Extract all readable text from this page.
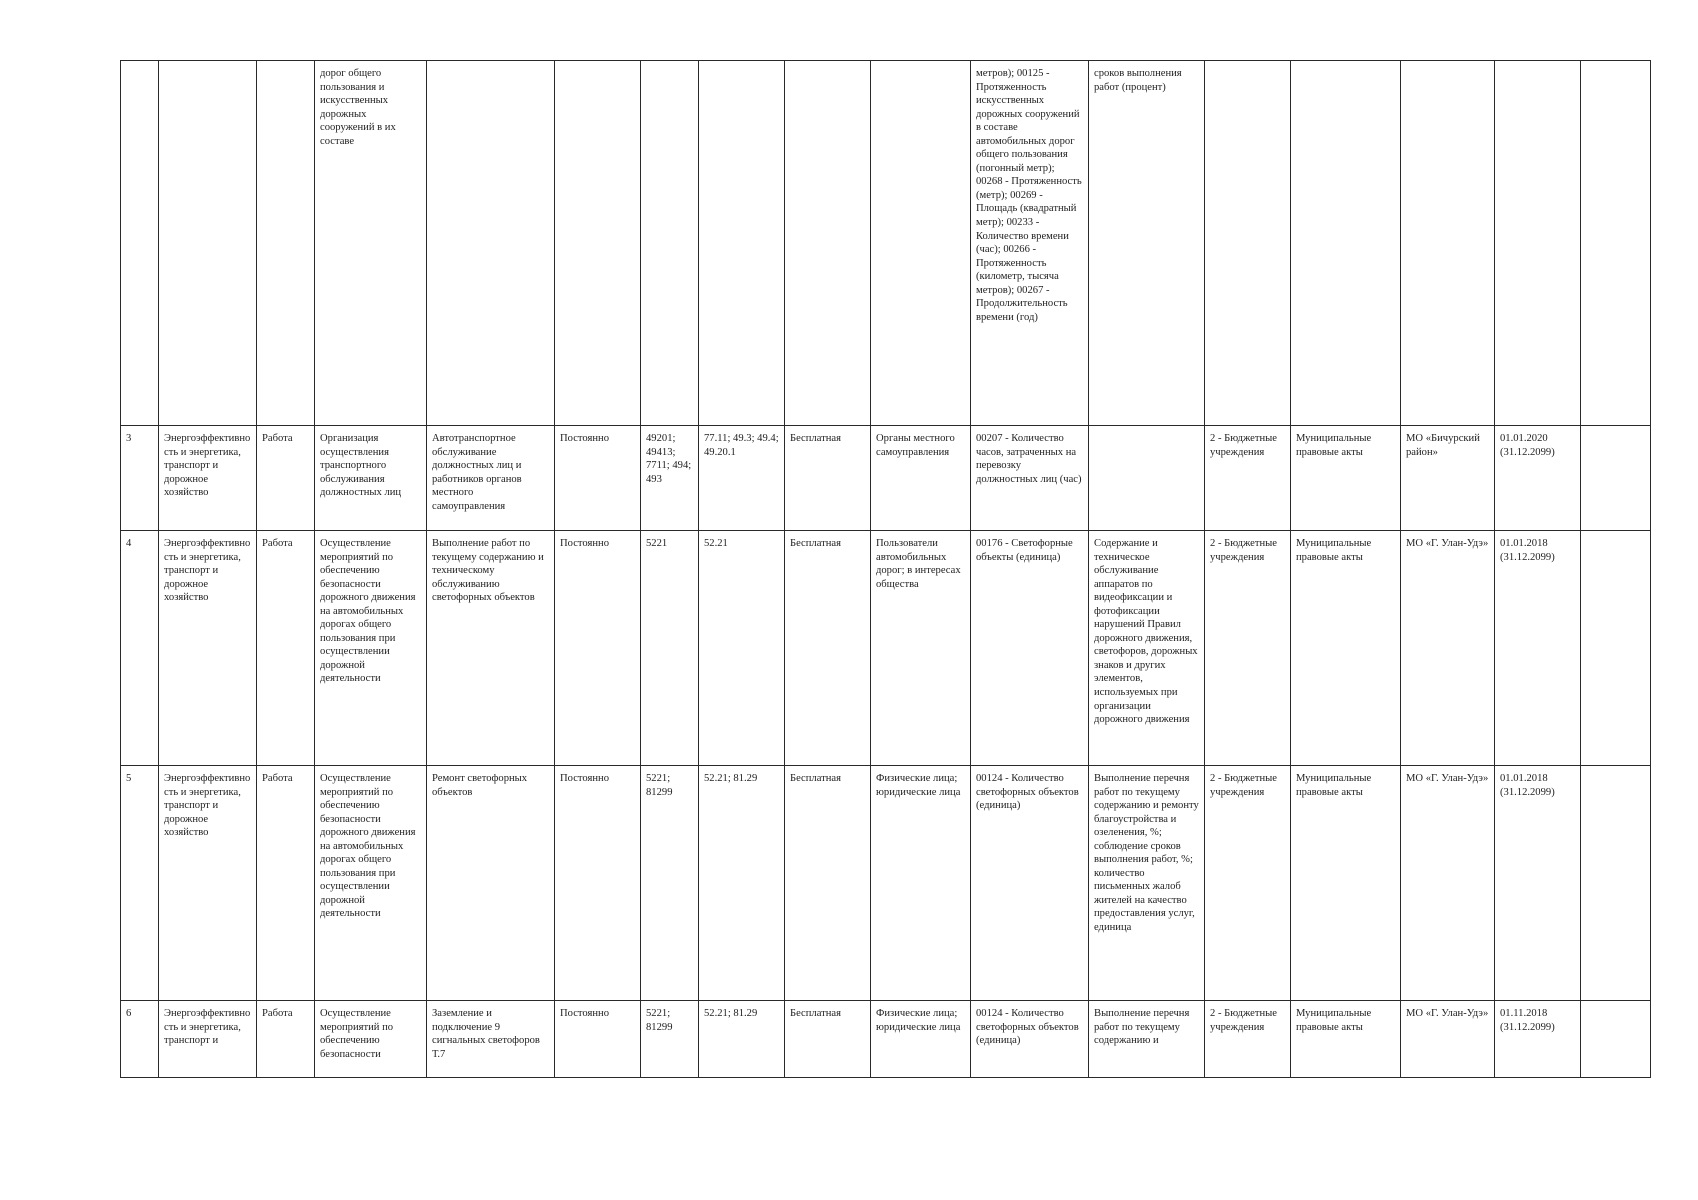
			дорог общего пользования и искусственных дорожных сооружений в их составе							метров); 00125 - Протяженность искусственных дорожных сооружений в составе автомобильных дорог общего пользования (погонный метр); 00268 - Протяженность (метр); 00269 - Площадь (квадратный метр); 00233 - Количество времени (час); 00266 - Протяженность (километр, тысяча метров); 00267 - Продолжительность времени (год)	сроков выполнения работ (процент)					
3	Энергоэффективность и энергетика, транспорт и дорожное хозяйство	Работа	Организация осуществления транспортного обслуживания должностных лиц	Автотранспортное обслуживание должностных лиц и работников органов местного самоуправления	Постоянно	49201; 49413; 7711; 494; 493	77.11; 49.3; 49.4; 49.20.1	Бесплатная	Органы местного самоуправления	00207 - Количество часов, затраченных на перевозку должностных лиц (час)		2 - Бюджетные учреждения	Муниципальные правовые акты	МО «Бичурский район»	01.01.2020 (31.12.2099)	
4	Энергоэффективность и энергетика, транспорт и дорожное хозяйство	Работа	Осуществление мероприятий по обеспечению безопасности дорожного движения на автомобильных дорогах общего пользования при осуществлении дорожной деятельности	Выполнение работ по текущему содержанию и техническому обслуживанию светофорных объектов	Постоянно	5221	52.21	Бесплатная	Пользователи автомобильных дорог; в интересах общества	00176 - Светофорные объекты (единица)	Содержание и техническое обслуживание аппаратов по видеофиксации и фотофиксации нарушений Правил дорожного движения, светофоров, дорожных знаков и других элементов, используемых при организации дорожного движения	2 - Бюджетные учреждения	Муниципальные правовые акты	МО «Г. Улан-Удэ»	01.01.2018 (31.12.2099)	
5	Энергоэффективность и энергетика, транспорт и дорожное хозяйство	Работа	Осуществление мероприятий по обеспечению безопасности дорожного движения на автомобильных дорогах общего пользования при осуществлении дорожной деятельности	Ремонт светофорных объектов	Постоянно	5221; 81299	52.21; 81.29	Бесплатная	Физические лица; юридические лица	00124 - Количество светофорных объектов (единица)	Выполнение перечня работ по текущему содержанию и ремонту благоустройства и озеленения, %; соблюдение сроков выполнения работ, %; количество письменных жалоб жителей на качество предоставления услуг, единица	2 - Бюджетные учреждения	Муниципальные правовые акты	МО «Г. Улан-Удэ»	01.01.2018 (31.12.2099)	
6	Энергоэффективность и энергетика, транспорт и	Работа	Осуществление мероприятий по обеспечению безопасности	Заземление и подключение 9 сигнальных светофоров Т.7	Постоянно	5221; 81299	52.21; 81.29	Бесплатная	Физические лица; юридические лица	00124 - Количество светофорных объектов (единица)	Выполнение перечня работ по текущему содержанию и	2 - Бюджетные учреждения	Муниципальные правовые акты	МО «Г. Улан-Удэ»	01.11.2018 (31.12.2099)	
